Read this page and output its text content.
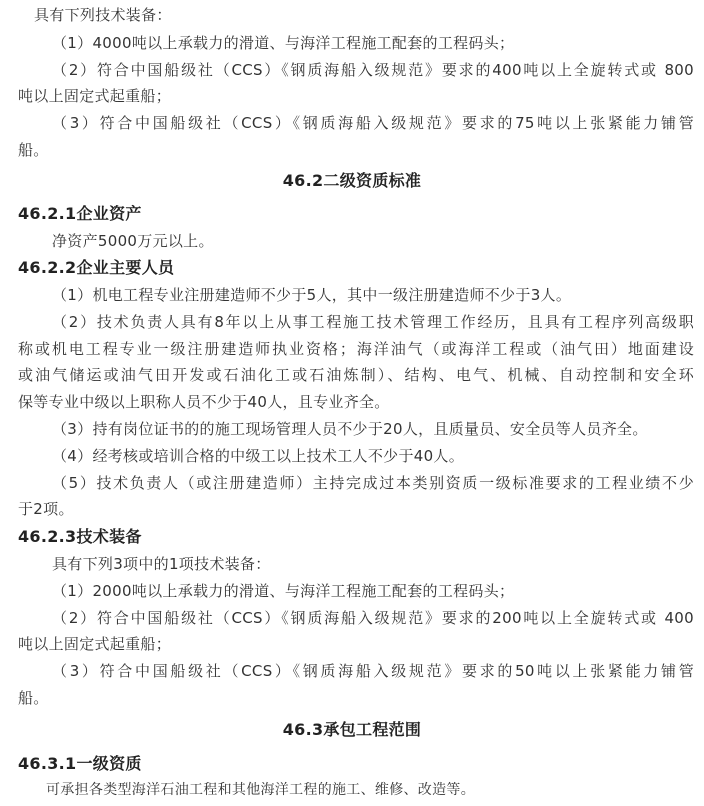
具有下列技术装备：
（1）4000吨以上承载力的滑道、与海洋工程施工配套的工程码头；
（2）符合中国船级社（CCS）《钢质海船入级规范》要求的400吨以上全旋转式或 800
吨以上固定式起重船；
（3）符合中国船级社（CCS）《钢质海船入级规范》要求的75吨以上张紧能力铺管
船。
46.2二级资质标准
46.2.1企业资产
净资产5000万元以上。
46.2.2企业主要人员
（1）机电工程专业注册建造师不少于5人，其中一级注册建造师不少于3人。
（2）技术负责人具有8年以上从事工程施工技术管理工作经历，且具有工程序列高级职
称或机电工程专业一级注册建造师执业资格；海洋油气（或海洋工程或（油气田）地面建设
或油气储运或油气田开发或石油化工或石油炼制）、结构、电气、机械、自动控制和安全环
保等专业中级以上职称人员不少于40人，且专业齐全。
（3）持有岗位证书的的施工现场管理人员不少于20人，且质量员、安全员等人员齐全。
（4）经考核或培训合格的中级工以上技术工人不少于40人。
（5）技术负责人（或注册建造师）主持完成过本类别资质一级标准要求的工程业绩不少
于2项。
46.2.3技术装备
具有下列3项中的1项技术装备：
（1）2000吨以上承载力的滑道、与海洋工程施工配套的工程码头；
（2）符合中国船级社（CCS）《钢质海船入级规范》要求的200吨以上全旋转式或 400
吨以上固定式起重船；
（3）符合中国船级社（CCS）《钢质海船入级规范》要求的50吨以上张紧能力铺管
船。
46.3承包工程范围
46.3.1一级资质
可承担各类型海洋石油工程和其他海洋工程的施工、维修、改造等。
